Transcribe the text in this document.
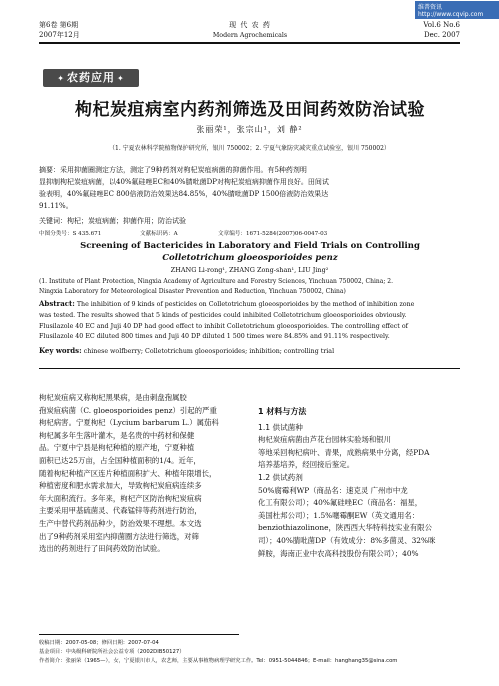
维普资讯 http://www.cqvip.com
第6卷 第6期
2007年12月
现 代 农 药
Modern Agrochemicals
Vol.6 No.6
Dec. 2007
✦ 农药应用 ✦
枸杞炭疽病室内药剂筛选及田间药效防治试验
张丽荣¹，张宗山¹，刘 静²
（1. 宁夏农林科学院植物保护研究所，银川 750002；2. 宁夏气象防灾减灾重点试验室，银川 750002）
摘要：采用抑菌圈测定方法，测定了9种药剂对枸杞炭疽病菌的抑菌作用。有5种药剂明
显抑制枸杞炭疽病菌，以40%氟硅唑EC和40%腈吡菌DP对枸杞炭疽病抑菌作用良好。田间试
验表明，40%氟硅唑EC 800倍液防治效果达84.85%，40%腈吡菌DP 1500倍液防治效果达
91.11%。
关键词：枸杞；炭疽病菌；抑菌作用；防治试验
中图分类号：S 435.671	文献标识码：A	文章编号：1671-5284(2007)06-0047-03
Screening of Bactericides in Laboratory and Field Trials on Controlling
Colletotrichum gloeosporioides penz
ZHANG Li-rong¹, ZHANG Zong-shan¹, LIU Jing²
(1. Institute of Plant Protection, Ningxia Academy of Agriculture and Forestry Sciences, Yinchuan 750002, China; 2.
Ningxia Laboratory for Meteorological Disaster Prevention and Reduction, Yinchuan 750002, China)
Abstract: The inhibition of 9 kinds of pesticides on Colletotrichum gloeosporioides by the method of inhibition zone
was tested. The results showed that 5 kinds of pesticides could inhibited Colletotrichum gloeosporioides obviously.
Flusilazole 40 EC and Juji 40 DP had good effect to inhibit Colletotrichum gloeosporioides. The controlling effect of
Flusilazole 40 EC diluted 800 times and Juji 40 DP diluted 1 500 times were 84.85% and 91.11% respectively.
Key words: chinese wolfberry; Colletotrichum gloeosporioides; inhibition; controlling trial
枸杞炭疽病又称枸杞黑果病，是由刺盘孢属胶
孢炭疽病菌（C. gloeosporioides penz）引起的严重
枸杞病害。宁夏枸杞（Lycium barbarum L.）属茄科
枸杞属多年生落叶灌木，是名贵的中药材和保健
品。宁夏中宁县是枸杞种植的原产地，宁夏种植
面积已达25万亩，占全国种植面积的1/4。近年，
随着枸杞种植产区连片种植面积扩大、种植年限增长，
种植密度和肥水需求加大，导致枸杞炭疽病连续多
年大面积流行。多年来，枸杞产区防治枸杞炭疽病
主要采用甲基硫菌灵、代森锰锌等药剂进行防治，
生产中替代药剂品种少，防治效果不理想。本文选
出了9种药剂采用室内抑菌圈方法进行筛选，对筛
选出的药剂进行了田间药效防治试验。
1 材料与方法
1.1 供试菌种
枸杞炭疽病菌由芦花台园林实验场和银川
等地采回枸杞病叶、青果，成熟病果中分离，经PDA
培养基培养，经回接后鉴定。
1.2 供试药剂
50%腐霉利WP（商品名：速克灵 广州市中龙
化工有限公司）；40%氟硅唑EC（商品名：福星，
美国杜邦公司）；1.5%噻霉酮EW（英文通用名：
benziothiazolinone，陕西西大华特科技实业有限公
司）；40%腈吡菌DP（有效成分：8%多菌灵、32%咪
鲜胺，海南正业中农高科技股份有限公司）；40%
收稿日期：2007-05-08；修回日期：2007-07-04
基金项目：中央级科研院所社会公益专项（2002DIB50127）
作者简介：张丽荣（1965—），女，宁夏银川市人，农艺师，主要从事植物病理学研究工作。Tel：0951-5044846；E-mail：hanghang35@sina.com
